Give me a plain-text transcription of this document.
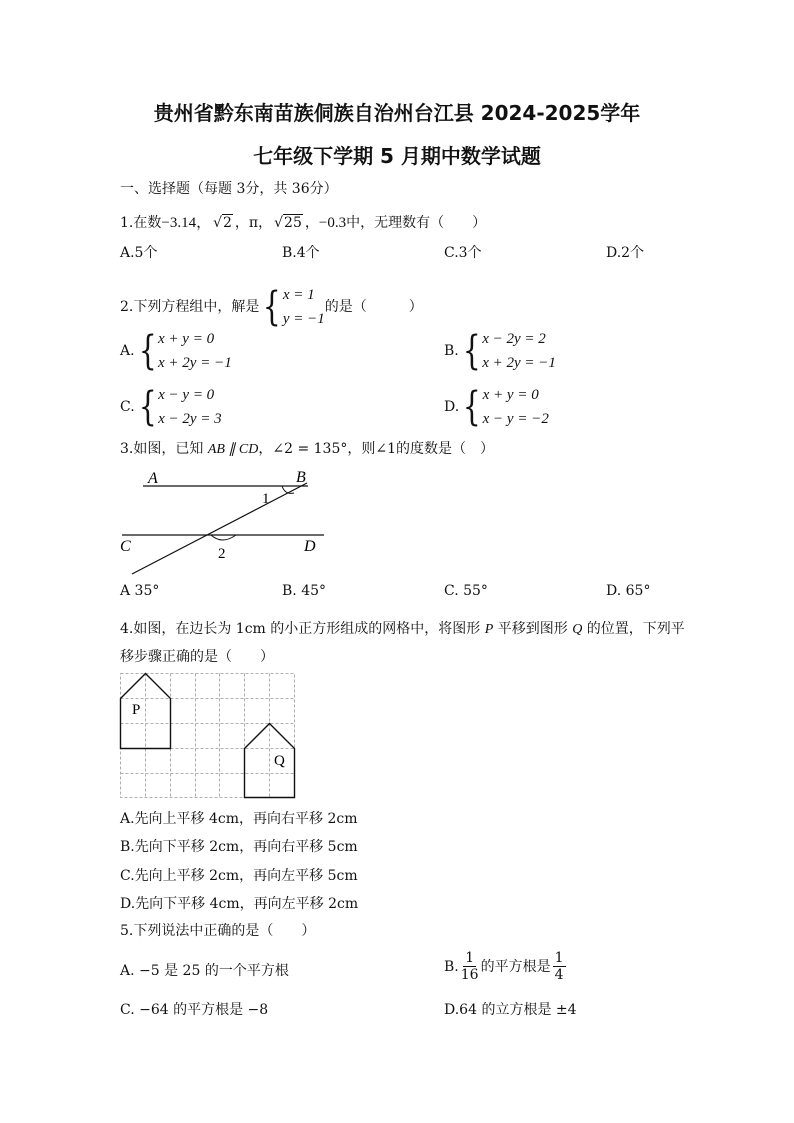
贵州省黔东南苗族侗族自治州台江县 2024-2025学年
七年级下学期 5 月期中数学试题
一、选择题（每题 3分，共 36分）
1. 在数 −3.14， √2 ，π， √25 ， −0.3 中，无理数有（　　）
A.5个	B.4个	C.3个	D.2个
2.下列方程组中，解是 { x = 1
y = −1
的是（　　　）
A. { x + y = 0
x + 2y = −1
B. { x − 2y = 2
x + 2y = −1
C. { x − y = 0
x − 2y = 3
D. { x + y = 0
x − y = −2
3.如图，已知 AB ∥ CD，∠2 = 135°，则∠1的度数是（　）
A	B
C	D
1
2
A 35°	B. 45°	C. 55°	D. 65°
4.如图，在边长为 1cm 的小正方形组成的网格中，将图形 P 平移到图形 Q 的位置，下列平
移步骤正确的是（　　）
P
Q
A.先向上平移 4cm，再向右平移 2cm
B.先向下平移 2cm，再向右平移 5cm
C.先向上平移 2cm，再向左平移 5cm
D.先向下平移 4cm，再向左平移 2cm
5.下列说法中正确的是（　　）
A. −5 是 25 的一个平方根	B. $\frac{1}{16}$ 的平方根是 $\frac{1}{4}$
C. −64 的平方根是 −8	D.64 的立方根是 ±4
